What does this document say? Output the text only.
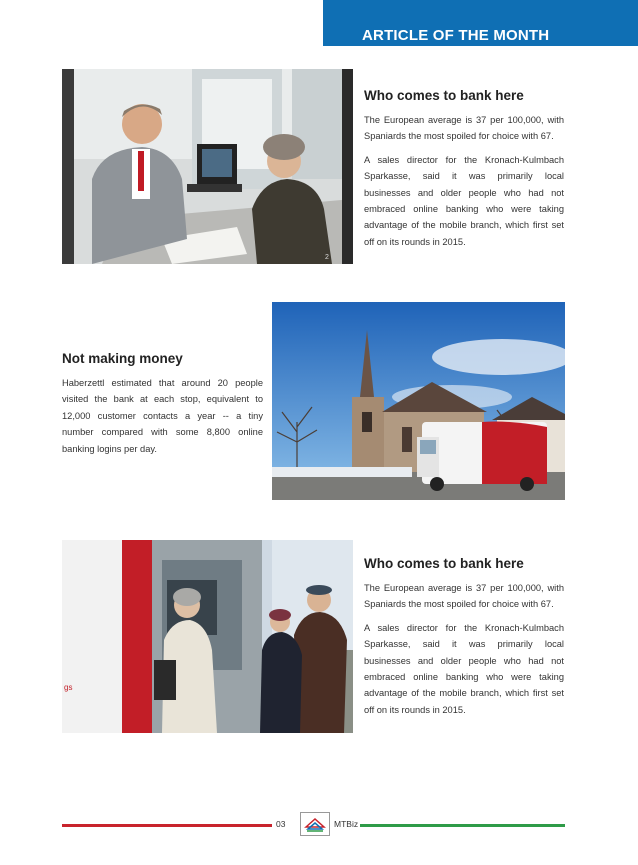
ARTICLE OF THE MONTH
2
Who comes to bank here

The European average is 37 per 100,000, with Spaniards the most spoiled for choice with 67.

A sales director for the Kronach-Kulmbach Sparkasse, said it was primarily local businesses and older people who had not embraced online banking who were taking advantage of the mobile branch, which first set off on its rounds in 2015.

Not making money

Haberzettl estimated that around 20 people visited the bank at each stop, equivalent to 12,000 customer contacts a year -- a tiny number compared with some 8,800 online banking logins per day.

gs
Who comes to bank here

The European average is 37 per 100,000, with Spaniards the most spoiled for choice with 67.

A sales director for the Kronach-Kulmbach Sparkasse, said it was primarily local businesses and older people who had not embraced online banking who were taking advantage of the mobile branch, which first set off on its rounds in 2015.

03	MTBiz
